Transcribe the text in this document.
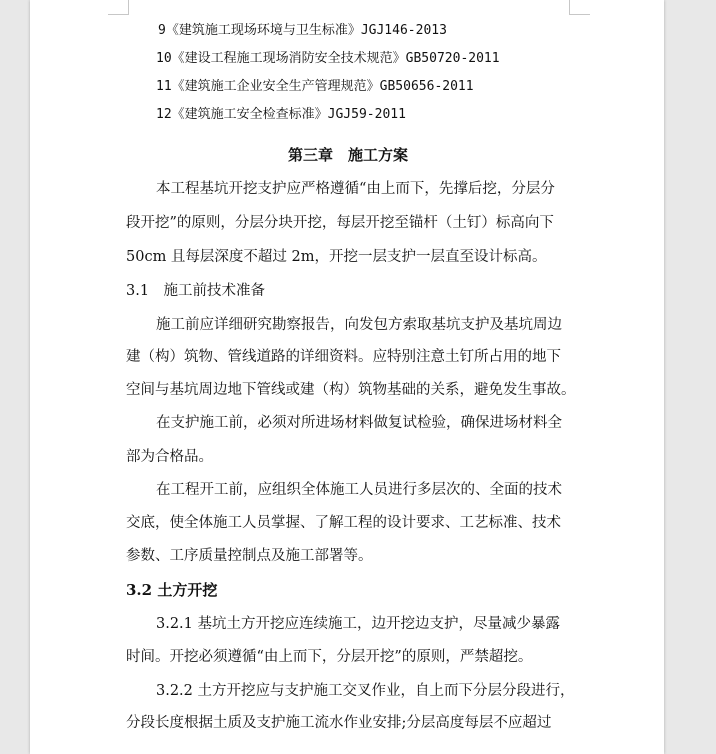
9《建筑施工现场环境与卫生标准》JGJ146-2013
10《建设工程施工现场消防安全技术规范》GB50720-2011
11《建筑施工企业安全生产管理规范》GB50656-2011
12《建筑施工安全检查标准》JGJ59-2011
第三章　施工方案
本工程基坑开挖支护应严格遵循“由上而下，先撑后挖，分层分
段开挖”的原则，分层分块开挖，每层开挖至锚杆（土钉）标高向下
50cm 且每层深度不超过 2m，开挖一层支护一层直至设计标高。
3.1　施工前技术准备
施工前应详细研究勘察报告，向发包方索取基坑支护及基坑周边
建（构）筑物、管线道路的详细资料。应特别注意土钉所占用的地下
空间与基坑周边地下管线或建（构）筑物基础的关系，避免发生事故。
在支护施工前，必须对所进场材料做复试检验，确保进场材料全
部为合格品。
在工程开工前，应组织全体施工人员进行多层次的、全面的技术
交底，使全体施工人员掌握、了解工程的设计要求、工艺标准、技术
参数、工序质量控制点及施工部署等。
3.2 土方开挖
3.2.1 基坑土方开挖应连续施工，边开挖边支护，尽量减少暴露
时间。开挖必须遵循“由上而下，分层开挖”的原则，严禁超挖。
3.2.2 土方开挖应与支护施工交叉作业，自上而下分层分段进行，
分段长度根据土质及支护施工流水作业安排;分层高度每层不应超过
